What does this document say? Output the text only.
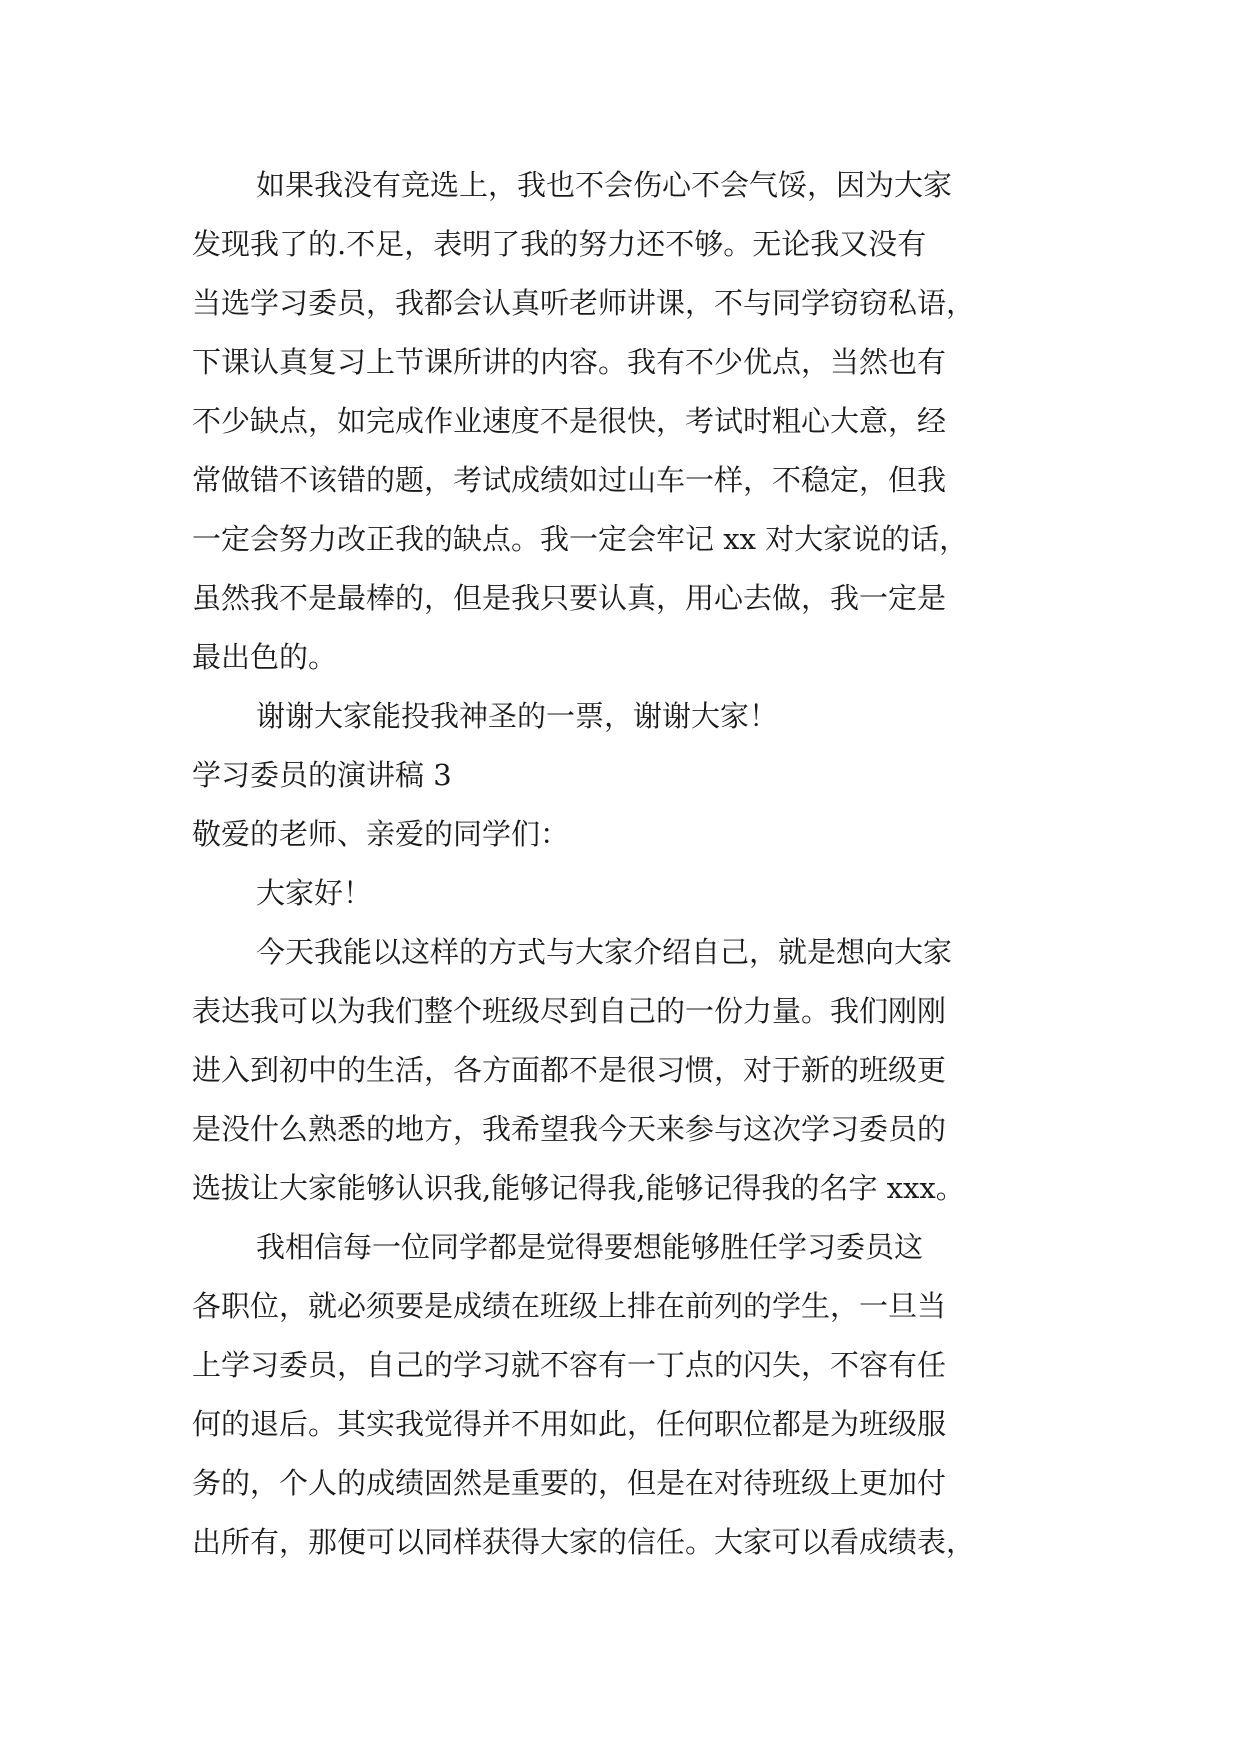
如果我没有竞选上，我也不会伤心不会气馁，因为大家
发现我了的.不足，表明了我的努力还不够。无论我又没有
当选学习委员，我都会认真听老师讲课，不与同学窃窃私语，
下课认真复习上节课所讲的内容。我有不少优点，当然也有
不少缺点，如完成作业速度不是很快，考试时粗心大意，经
常做错不该错的题，考试成绩如过山车一样，不稳定，但我
一定会努力改正我的缺点。我一定会牢记 xx 对大家说的话，
虽然我不是最棒的，但是我只要认真，用心去做，我一定是
最出色的。
谢谢大家能投我神圣的一票，谢谢大家！
学习委员的演讲稿 3
敬爱的老师、亲爱的同学们：
大家好！
今天我能以这样的方式与大家介绍自己，就是想向大家
表达我可以为我们整个班级尽到自己的一份力量。我们刚刚
进入到初中的生活，各方面都不是很习惯，对于新的班级更
是没什么熟悉的地方，我希望我今天来参与这次学习委员的
选拔让大家能够认识我,能够记得我,能够记得我的名字 xxx。
我相信每一位同学都是觉得要想能够胜任学习委员这
各职位，就必须要是成绩在班级上排在前列的学生，一旦当
上学习委员，自己的学习就不容有一丁点的闪失，不容有任
何的退后。其实我觉得并不用如此，任何职位都是为班级服
务的，个人的成绩固然是重要的，但是在对待班级上更加付
出所有，那便可以同样获得大家的信任。大家可以看成绩表，
